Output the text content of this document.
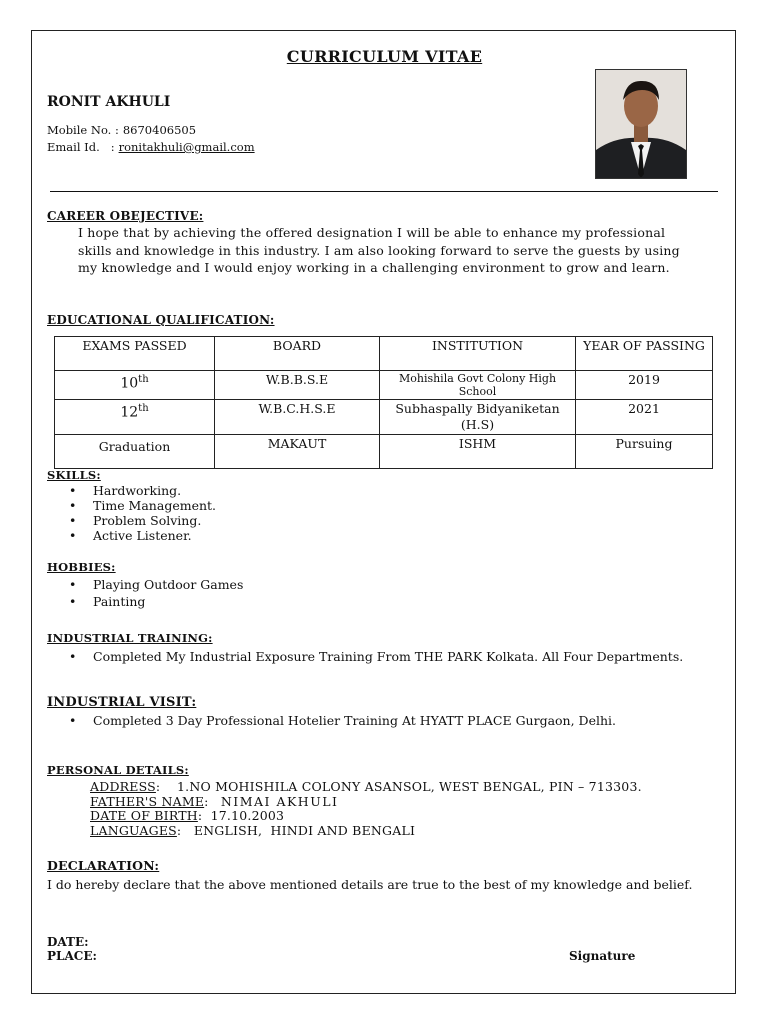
CURRICULUM VITAE
RONIT AKHULI
Mobile No. : 8670406505
Email Id.   : ronitakhuli@gmail.com
CAREER OBEJECTIVE:
I hope that by achieving the offered designation I will be able to enhance my professional skills and knowledge in this industry. I am also looking forward to serve the guests by using my knowledge and I would enjoy working in a challenging environment to grow and learn.
EDUCATIONAL QUALIFICATION:
EXAMS PASSED	BOARD	INSTITUTION	YEAR OF PASSING
10th	W.B.B.S.E	Mohishila Govt Colony High School	2019
12th	W.B.C.H.S.E	Subhaspally Bidyaniketan (H.S)	2021
Graduation	MAKAUT	ISHM	Pursuing
SKILLS:
• Hardworking.
• Time Management.
• Problem Solving.
• Active Listener.
HOBBIES:
• Playing Outdoor Games
• Painting
INDUSTRIAL TRAINING:
• Completed My Industrial Exposure Training From THE PARK Kolkata. All Four Departments.
INDUSTRIAL VISIT:
• Completed 3 Day Professional Hotelier Training At HYATT PLACE Gurgaon, Delhi.
PERSONAL DETAILS:
ADDRESS:    1.NO MOHISHILA COLONY ASANSOL, WEST BENGAL, PIN – 713303.
FATHER'S NAME:  NIMAI AKHULI
DATE OF BIRTH:  17.10.2003
LANGUAGES:   ENGLISH,  HINDI AND BENGALI
DECLARATION:
I do hereby declare that the above mentioned details are true to the best of my knowledge and belief.
DATE:
PLACE:	Signature
